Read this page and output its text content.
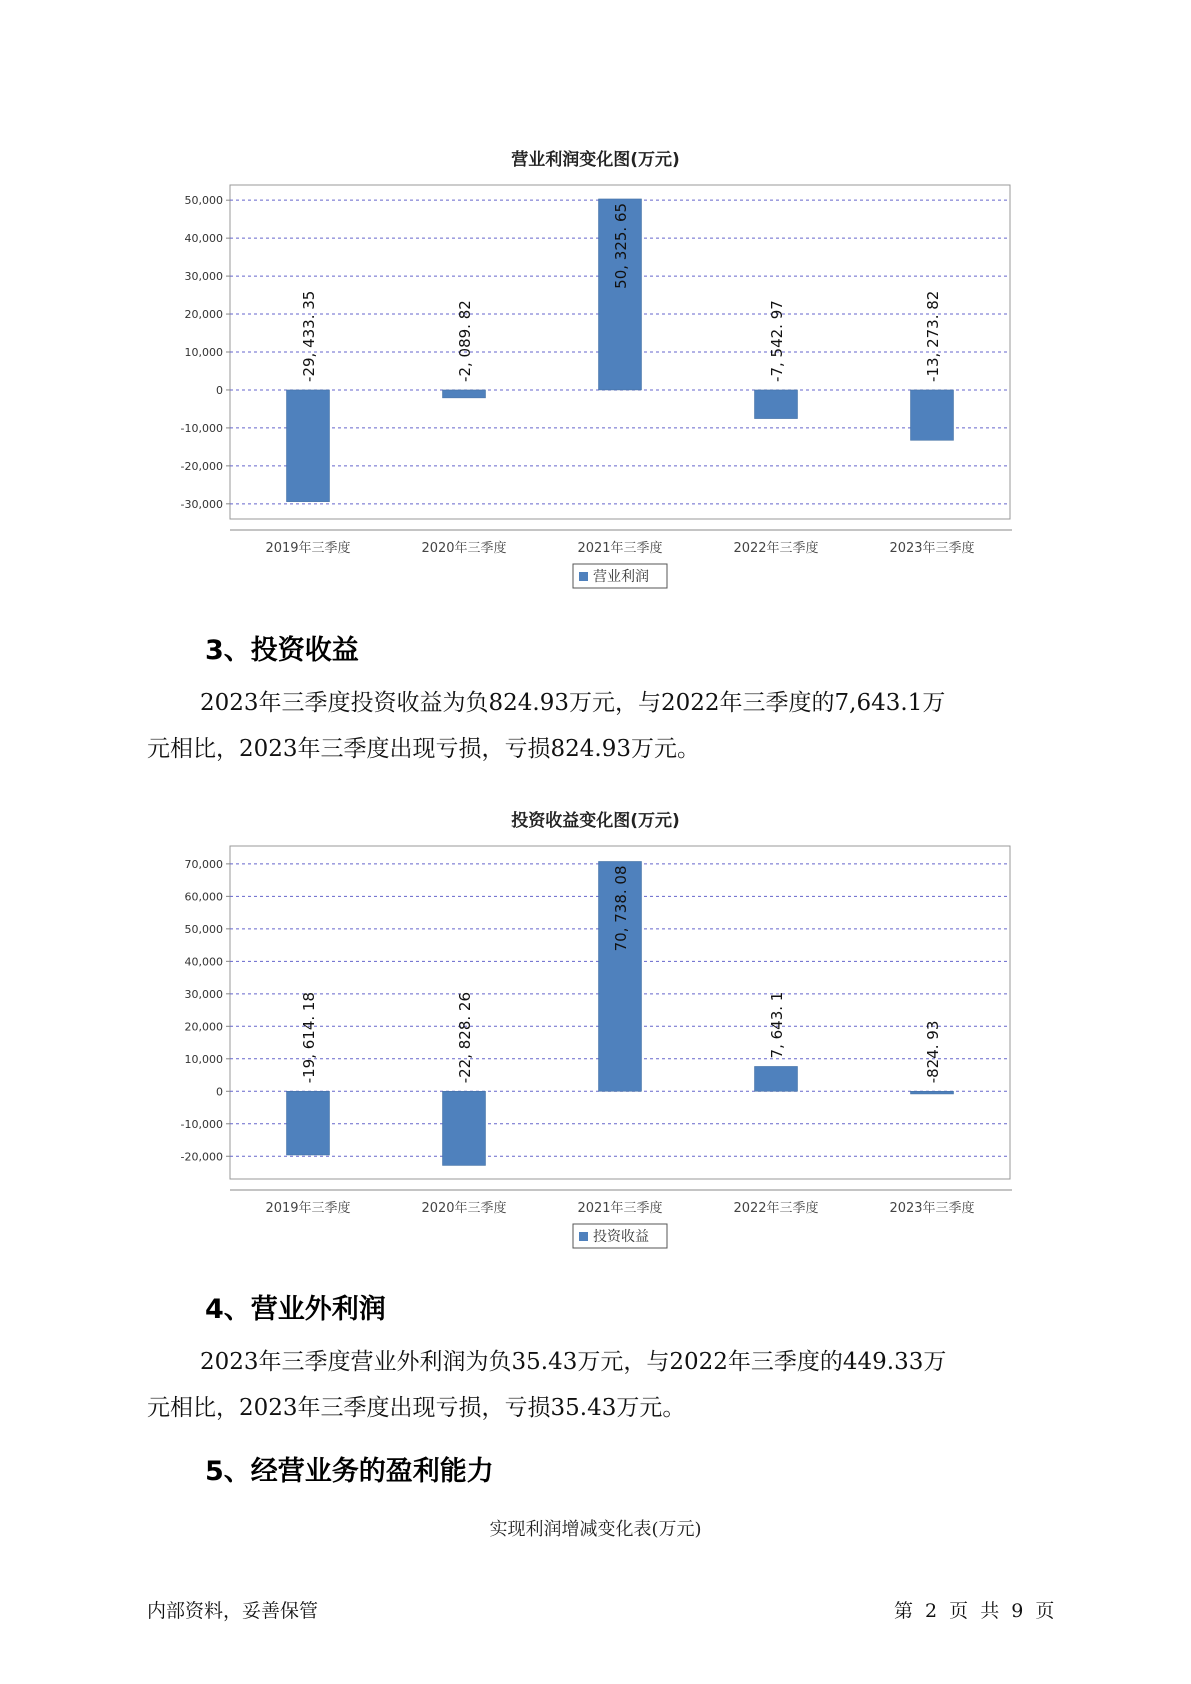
营业利润变化图(万元)
50,000
40,000
30,000
20,000
10,000
0
-10,000
-20,000
-30,000
-29, 433. 35
2019年三季度
-2, 089. 82
2020年三季度
50, 325. 65
2021年三季度
-7, 542. 97
2022年三季度
-13, 273. 82
2023年三季度
营业利润
3、投资收益
2023年三季度投资收益为负824.93万元，与2022年三季度的7,643.1万
元相比，2023年三季度出现亏损，亏损824.93万元。
投资收益变化图(万元)
70,000
60,000
50,000
40,000
30,000
20,000
10,000
0
-10,000
-20,000
-19, 614. 18
2019年三季度
-22, 828. 26
2020年三季度
70, 738. 08
2021年三季度
7, 643. 1
2022年三季度
-824. 93
2023年三季度
投资收益
4、营业外利润
2023年三季度营业外利润为负35.43万元，与2022年三季度的449.33万
元相比，2023年三季度出现亏损，亏损35.43万元。
5、经营业务的盈利能力
实现利润增减变化表(万元)
内部资料，妥善保管	第 2 页 共 9 页
